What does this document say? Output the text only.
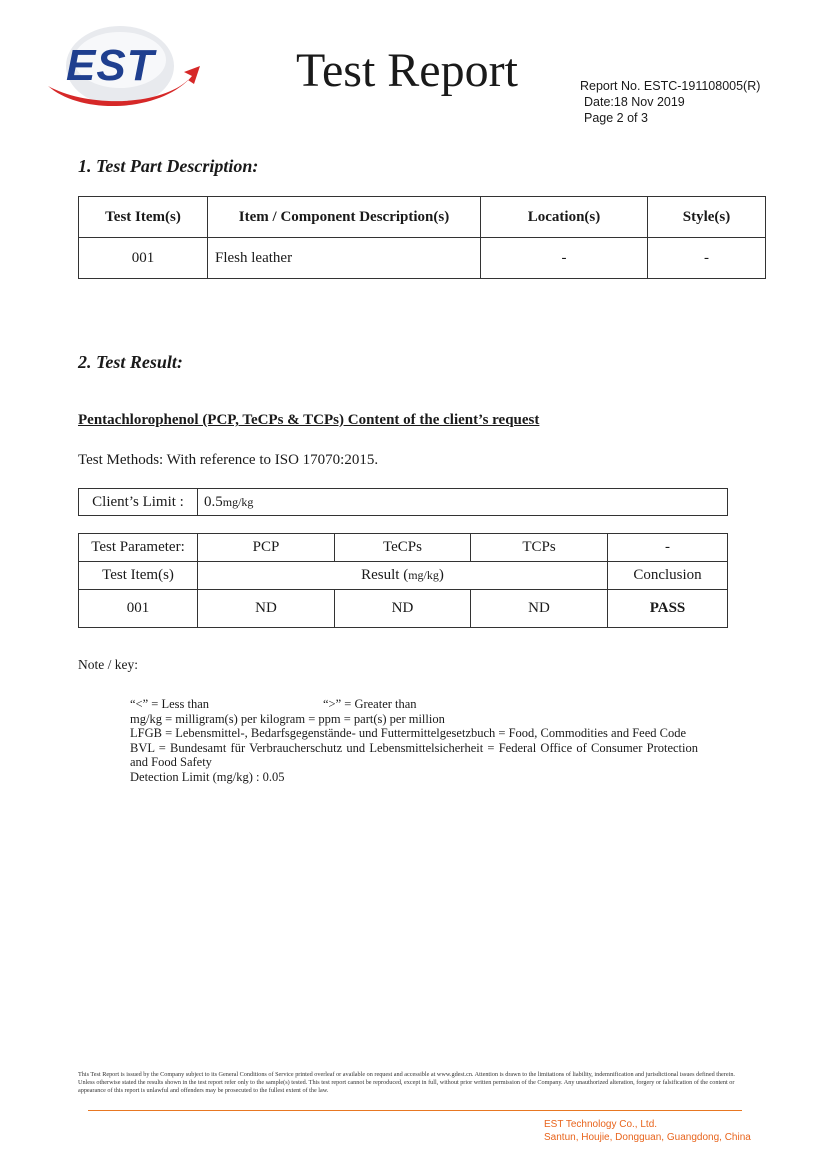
EST	Test Report	Report No. ESTC-191108005(R)
Date:18 Nov 2019
Page 2 of 3
1. Test Part Description:
Test Item(s)	Item / Component Description(s)	Location(s)	Style(s)
001	Flesh leather	-	-
2. Test Result:
Pentachlorophenol (PCP, TeCPs & TCPs) Content of the client’s request
Test Methods: With reference to ISO 17070:2015.
Client’s Limit :	0.5mg/kg
Test Parameter:	PCP	TeCPs	TCPs	-
Test Item(s)	Result (mg/kg)			Conclusion
001	ND	ND	ND	PASS
Note / key:
“<” = Less than	“>” = Greater than
mg/kg = milligram(s) per kilogram = ppm = part(s) per million
LFGB = Lebensmittel-, Bedarfsgegenstände- und Futtermittelgesetzbuch = Food, Commodities and Feed Code
BVL = Bundesamt für Verbraucherschutz und Lebensmittelsicherheit = Federal Office of Consumer Protection and Food Safety
Detection Limit (mg/kg) : 0.05
This Test Report is issued by the Company subject to its General Conditions of Service printed overleaf or available on request and accessible at www.gdest.cn. Attention is drawn to the limitations of liability, indemnification and jurisdictional issues defined therein. Unless otherwise stated the results shown in the test report refer only to the sample(s) tested. This test report cannot be reproduced, except in full, without prior written permission of the Company. Any unauthorized alteration, forgery or falsification of the content or appearance of this report is unlawful and offenders may be prosecuted to the fullest extent of the law.
EST Technology Co., Ltd.
Santun, Houjie, Dongguan, Guangdong, China
